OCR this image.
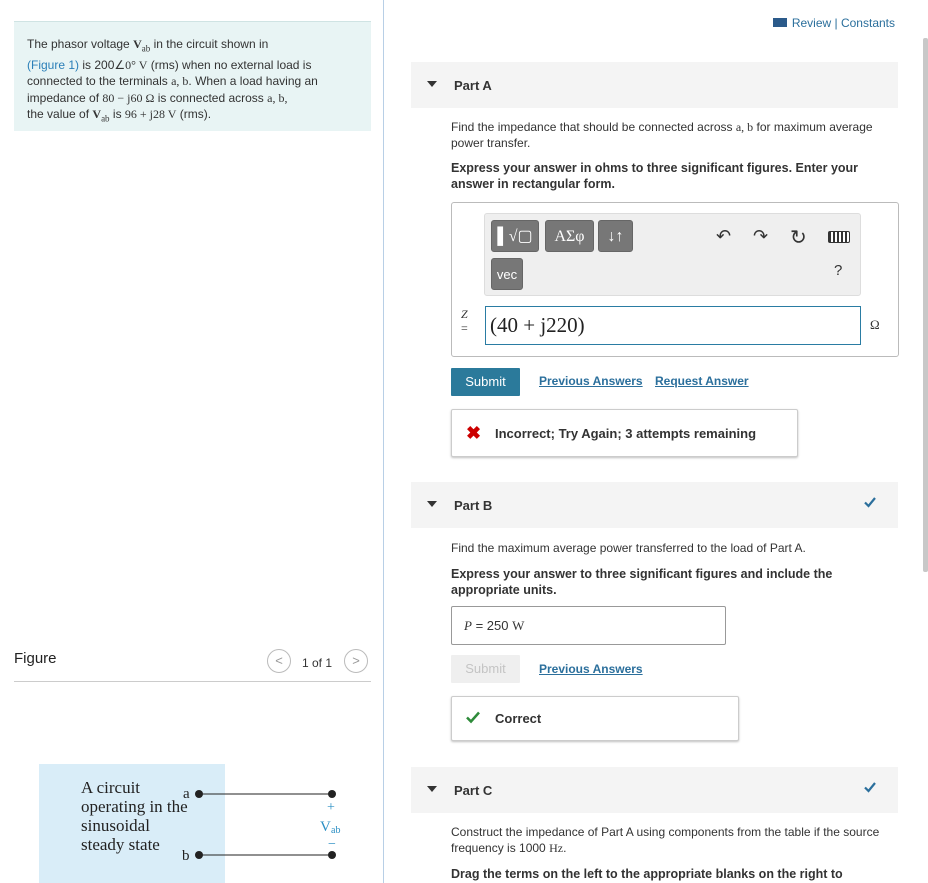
The phasor voltage $V_{ab}$ in the circuit shown in
(Figure 1) is 200∠0° V (rms) when no external load is
connected to the terminals a, b. When a load having an
impedance of 80 − j60 Ω is connected across a, b,
the value of $V_{ab}$ is 96 + j28 V (rms).
Figure	<	1 of 1	>
A circuit operating in the sinusoidal steady state
a
b
+
V ab
−
Review | Constants
Part A
Find the impedance that should be connected across a, b for maximum average power transfer.
Express your answer in ohms to three significant figures. Enter your answer in rectangular form.
▌√▢	ΑΣφ	↓↑
vec
↶ ↷ ↻
?
Z
= (40 + j220)	Ω
Submit	Previous Answers Request Answer
✖ Incorrect; Try Again; 3 attempts remaining
Part B
Find the maximum average power transferred to the load of Part A.
Express your answer to three significant figures and include the appropriate units.
P = 250 W
Submit	Previous Answers
Correct
Part C
Construct the impedance of Part A using components from the table if the source frequency is 1000 Hz.
Drag the terms on the left to the appropriate blanks on the right to
